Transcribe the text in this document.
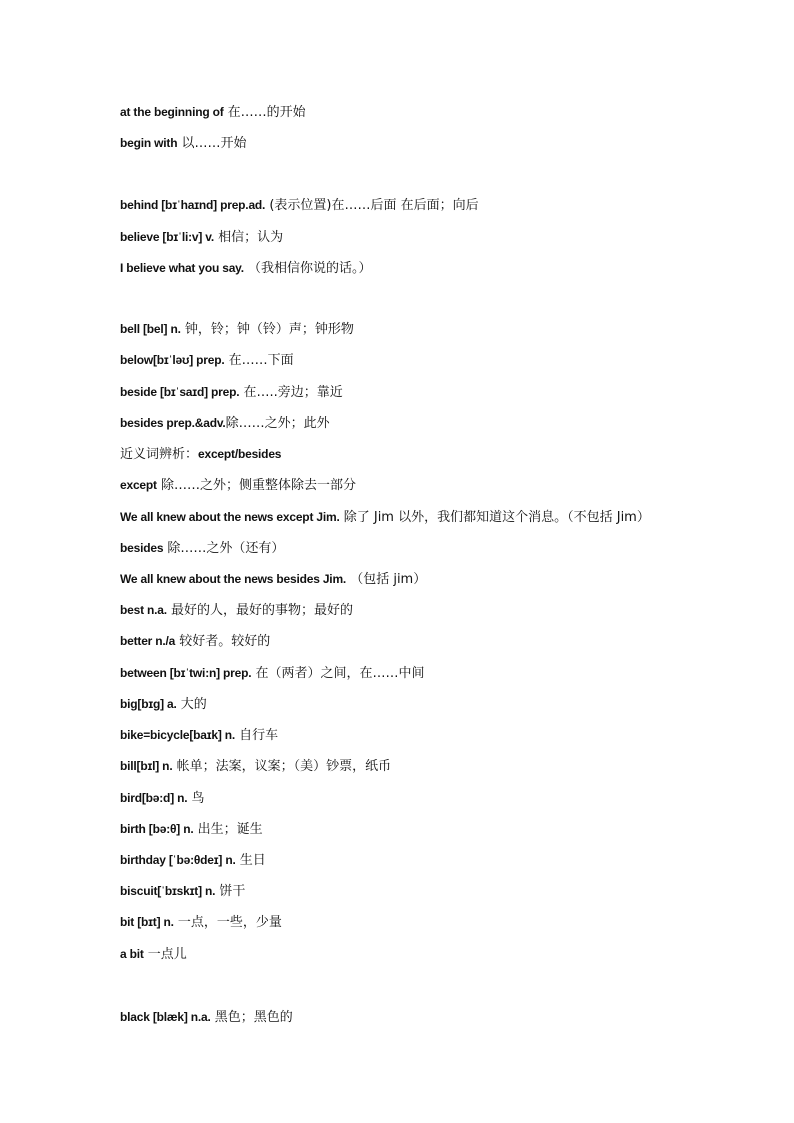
at the beginning of 在……的开始
begin with 以……开始
behind [bɪˈhaɪnd] prep.ad. (表示位置)在……后面 在后面；向后
believe [bɪˈli:v] v. 相信；认为
I believe what you say. （我相信你说的话。）
bell [bel] n. 钟，铃；钟（铃）声；钟形物
below[bɪˈləʊ] prep. 在……下面
beside [bɪˈsaɪd] prep. 在…..旁边；靠近
besides prep.&adv.除……之外；此外
近义词辨析：except/besides
except 除……之外；侧重整体除去一部分
We all knew about the news except Jim. 除了 Jim 以外，我们都知道这个消息。（不包括 Jim）
besides 除……之外（还有）
We all knew about the news besides Jim. （包括 jim）
best n.a. 最好的人，最好的事物；最好的
better n./a 较好者。较好的
between [bɪˈtwi:n] prep. 在（两者）之间，在……中间
big[bɪɡ] a. 大的
bike=bicycle[baɪk] n. 自行车
bill[bɪl] n. 帐单；法案，议案；（美）钞票，纸币
bird[bə:d] n. 鸟
birth [bə:θ] n. 出生；诞生
birthday [ˈbə:θdeɪ] n. 生日
biscuit[ˈbɪskɪt] n. 饼干
bit [bɪt] n. 一点，一些，少量
a bit 一点儿
black [blæk] n.a. 黑色；黑色的
